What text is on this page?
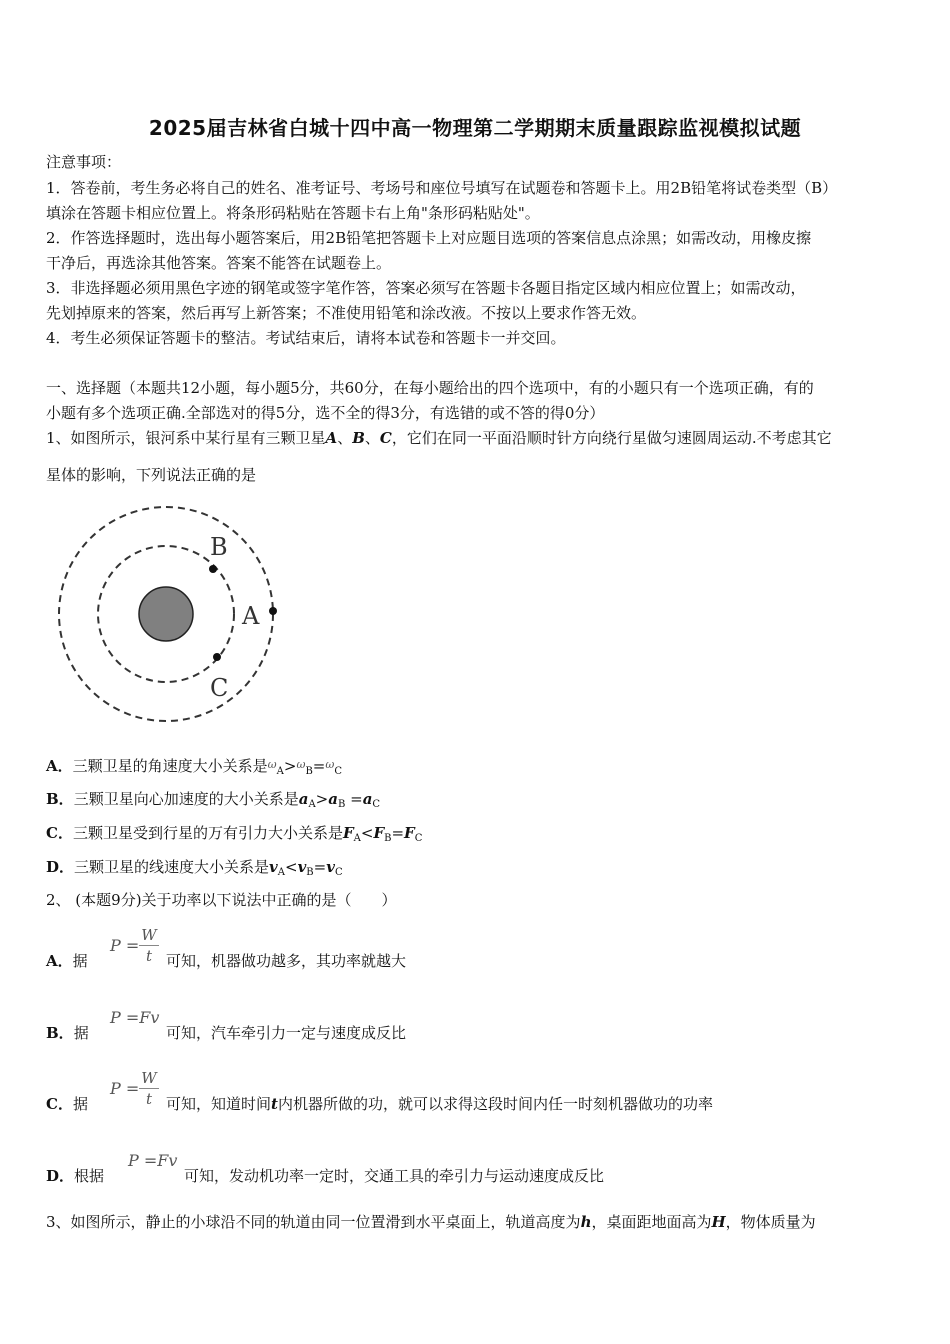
2025届吉林省白城十四中高一物理第二学期期末质量跟踪监视模拟试题
注意事项：
1．答卷前，考生务必将自己的姓名、准考证号、考场号和座位号填写在试题卷和答题卡上。用2B铅笔将试卷类型（B）
填涂在答题卡相应位置上。将条形码粘贴在答题卡右上角"条形码粘贴处"。
2．作答选择题时，选出每小题答案后，用2B铅笔把答题卡上对应题目选项的答案信息点涂黑；如需改动，用橡皮擦
干净后，再选涂其他答案。答案不能答在试题卷上。
3．非选择题必须用黑色字迹的钢笔或签字笔作答，答案必须写在答题卡各题目指定区域内相应位置上；如需改动，
先划掉原来的答案，然后再写上新答案；不准使用铅笔和涂改液。不按以上要求作答无效。
4．考生必须保证答题卡的整洁。考试结束后，请将本试卷和答题卡一并交回。
一、选择题（本题共12小题，每小题5分，共60分，在每小题给出的四个选项中，有的小题只有一个选项正确，有的
小题有多个选项正确.全部选对的得5分，选不全的得3分，有选错的或不答的得0分）
1、如图所示，银河系中某行星有三颗卫星A、B、C，它们在同一平面沿顺时针方向绕行星做匀速圆周运动.不考虑其它
星体的影响，下列说法正确的是
A
B
C
A．三颗卫星的角速度大小关系是$^\omega_A$>$^\omega_B$=$^\omega_C$
B．三颗卫星向心加速度的大小关系是$a_A>a_B =a_C$
C．三颗卫星受到行星的万有引力大小关系是$F_A<F_B=F_C$
D．三颗卫星的线速度大小关系是$v_A<v_B=v_C$
2、 (本题9分)关于功率以下说法中正确的是（　　）
A．据
$P = \frac{W}{t}$ 可知，机器做功越多，其功率就越大
B．据
P =Fv
可知，汽车牵引力一定与速度成反比
C．据
$P = \frac{W}{t}$ 可知，知道时间t内机器所做的功，就可以求得这段时间内任一时刻机器做功的功率
D．根据
P =Fv
可知，发动机功率一定时，交通工具的牵引力与运动速度成反比
3、如图所示，静止的小球沿不同的轨道由同一位置滑到水平桌面上，轨道高度为h，桌面距地面高为H，物体质量为
